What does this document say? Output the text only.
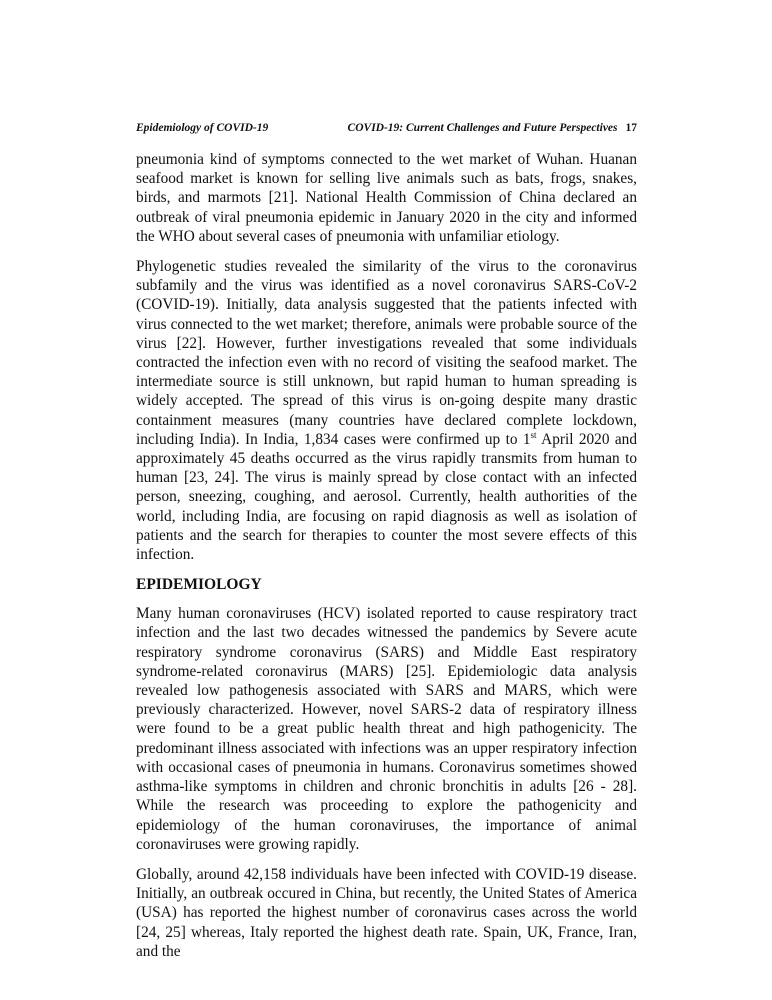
Epidemiology of COVID-19	COVID-19: Current Challenges and Future Perspectives 17

pneumonia kind of symptoms connected to the wet market of Wuhan. Huanan seafood market is known for selling live animals such as bats, frogs, snakes, birds, and marmots [21]. National Health Commission of China declared an outbreak of viral pneumonia epidemic in January 2020 in the city and informed the WHO about several cases of pneumonia with unfamiliar etiology.

Phylogenetic studies revealed the similarity of the virus to the coronavirus subfamily and the virus was identified as a novel coronavirus SARS-CoV-2 (COVID-19). Initially, data analysis suggested that the patients infected with virus connected to the wet market; therefore, animals were probable source of the virus [22]. However, further investigations revealed that some individuals contracted the infection even with no record of visiting the seafood market. The intermediate source is still unknown, but rapid human to human spreading is widely accepted. The spread of this virus is on-going despite many drastic containment measures (many countries have declared complete lockdown, including India). In India, 1,834 cases were confirmed up to 1st April 2020 and approximately 45 deaths occurred as the virus rapidly transmits from human to human [23, 24]. The virus is mainly spread by close contact with an infected person, sneezing, coughing, and aerosol. Currently, health authorities of the world, including India, are focusing on rapid diagnosis as well as isolation of patients and the search for therapies to counter the most severe effects of this infection.

EPIDEMIOLOGY

Many human coronaviruses (HCV) isolated reported to cause respiratory tract infection and the last two decades witnessed the pandemics by Severe acute respiratory syndrome coronavirus (SARS) and Middle East respiratory syndrome-related coronavirus (MARS) [25]. Epidemiologic data analysis revealed low pathogenesis associated with SARS and MARS, which were previously characterized. However, novel SARS-2 data of respiratory illness were found to be a great public health threat and high pathogenicity. The predominant illness associated with infections was an upper respiratory infection with occasional cases of pneumonia in humans. Coronavirus sometimes showed asthma-like symptoms in children and chronic bronchitis in adults [26 - 28]. While the research was proceeding to explore the pathogenicity and epidemiology of the human coronaviruses, the importance of animal coronaviruses were growing rapidly.

Globally, around 42,158 individuals have been infected with COVID-19 disease. Initially, an outbreak occured in China, but recently, the United States of America (USA) has reported the highest number of coronavirus cases across the world [24, 25] whereas, Italy reported the highest death rate. Spain, UK, France, Iran, and the
